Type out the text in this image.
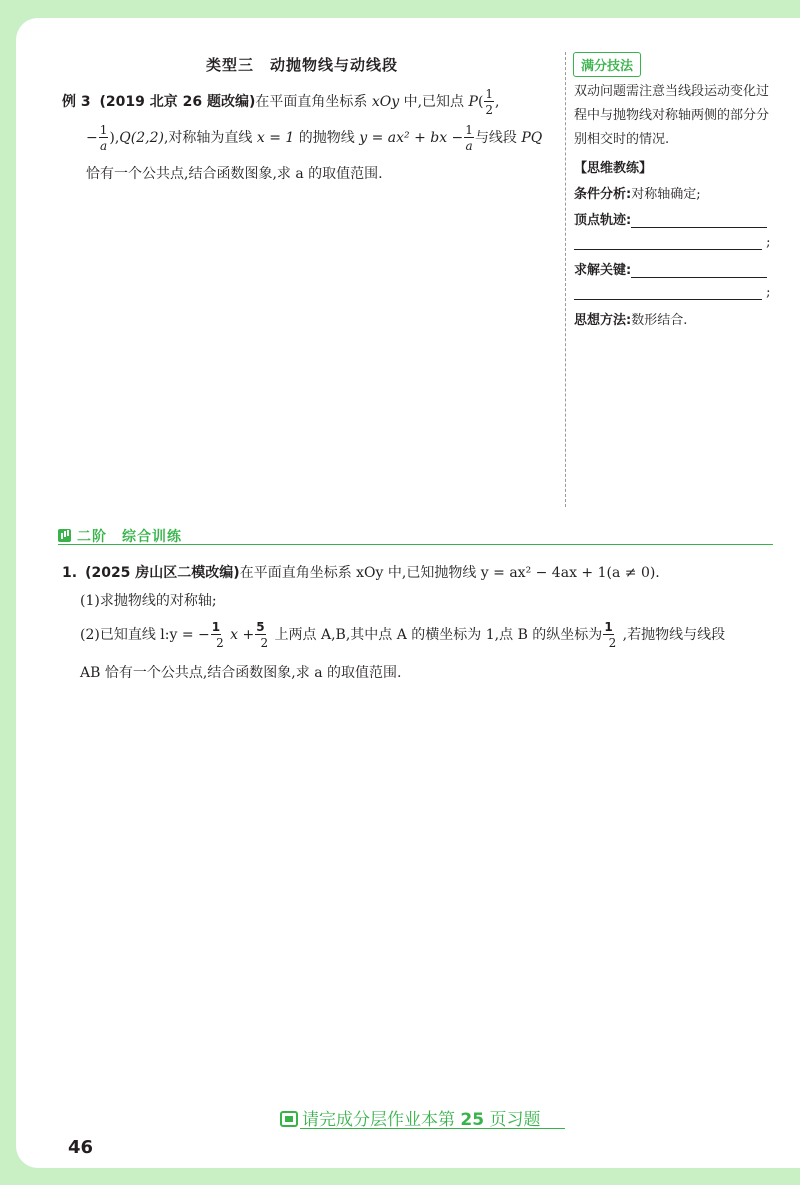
类型三 动抛物线与动线段
例 3 (2019 北京 26 题改编)在平面直角坐标系 xOy 中,已知点 $P( \frac{1}{2}$ ,
− $\frac{1}{a} ),Q(2,2)$,对称轴为直线 x = 1 的抛物线 y = ax² + bx − $\frac{1}{a}$ 与线段 PQ
恰有一个公共点,结合函数图象,求 a 的取值范围.
满分技法
双动问题需注意当线段运动变化过程中与抛物线对称轴两侧的部分分别相交时的情况.
【思维教练】
条件分析:对称轴确定;
顶点轨迹:
;
求解关键:
;
思想方法:数形结合.
二阶　综合训练
1. (2025 房山区二模改编)在平面直角坐标系 xOy 中,已知抛物线 y = ax² − 4ax + 1(a ≠ 0).
(1)求抛物线的对称轴;
(2)已知直线 l:y = − $\frac{1}{2}$ $x + \frac{5}{2}$ 上两点 A,B,其中点 A 的横坐标为 1,点 B 的纵坐标为 $\frac{1}{2}$ ,若抛物线与线段
AB 恰有一个公共点,结合函数图象,求 a 的取值范围.
请完成分层作业本第 25 页习题
46
